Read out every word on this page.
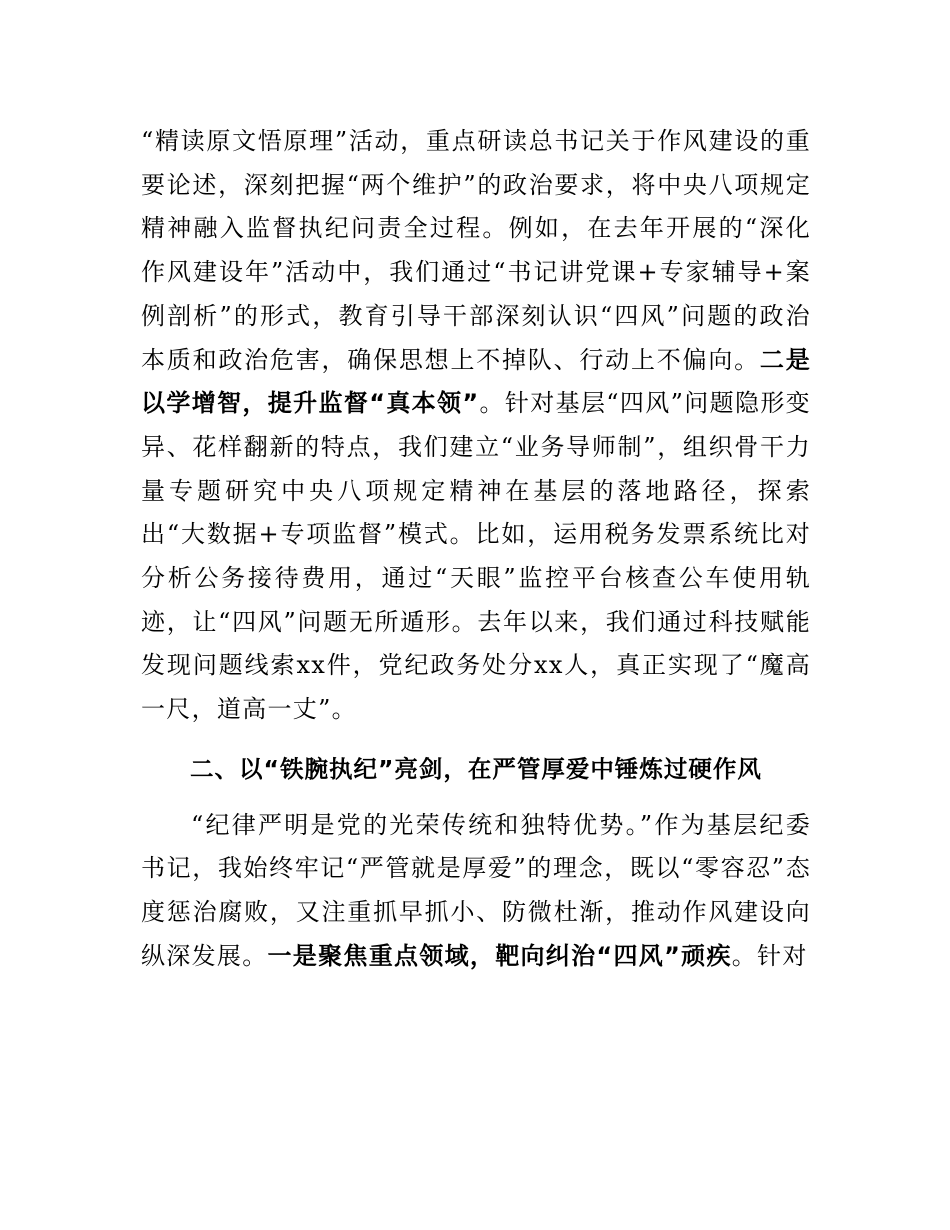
“精读原文悟原理”活动，重点研读总书记关于作风建设的重要论述，深刻把握“两个维护”的政治要求，将中央八项规定精神融入监督执纪问责全过程。例如，在去年开展的“深化作风建设年”活动中，我们通过“书记讲党课+专家辅导+案例剖析”的形式，教育引导干部深刻认识“四风”问题的政治本质和政治危害，确保思想上不掉队、行动上不偏向。二是以学增智，提升监督“真本领”。针对基层“四风”问题隐形变异、花样翻新的特点，我们建立“业务导师制”，组织骨干力量专题研究中央八项规定精神在基层的落地路径，探索出“大数据+专项监督”模式。比如，运用税务发票系统比对分析公务接待费用，通过“天眼”监控平台核查公车使用轨迹，让“四风”问题无所遁形。去年以来，我们通过科技赋能发现问题线索xx件，党纪政务处分xx人，真正实现了“魔高一尺，道高一丈”。

二、以“铁腕执纪”亮剑，在严管厚爱中锤炼过硬作风

“纪律严明是党的光荣传统和独特优势。”作为基层纪委书记，我始终牢记“严管就是厚爱”的理念，既以“零容忍”态度惩治腐败，又注重抓早抓小、防微杜渐，推动作风建设向纵深发展。一是聚焦重点领域，靶向纠治“四风”顽疾。针对
